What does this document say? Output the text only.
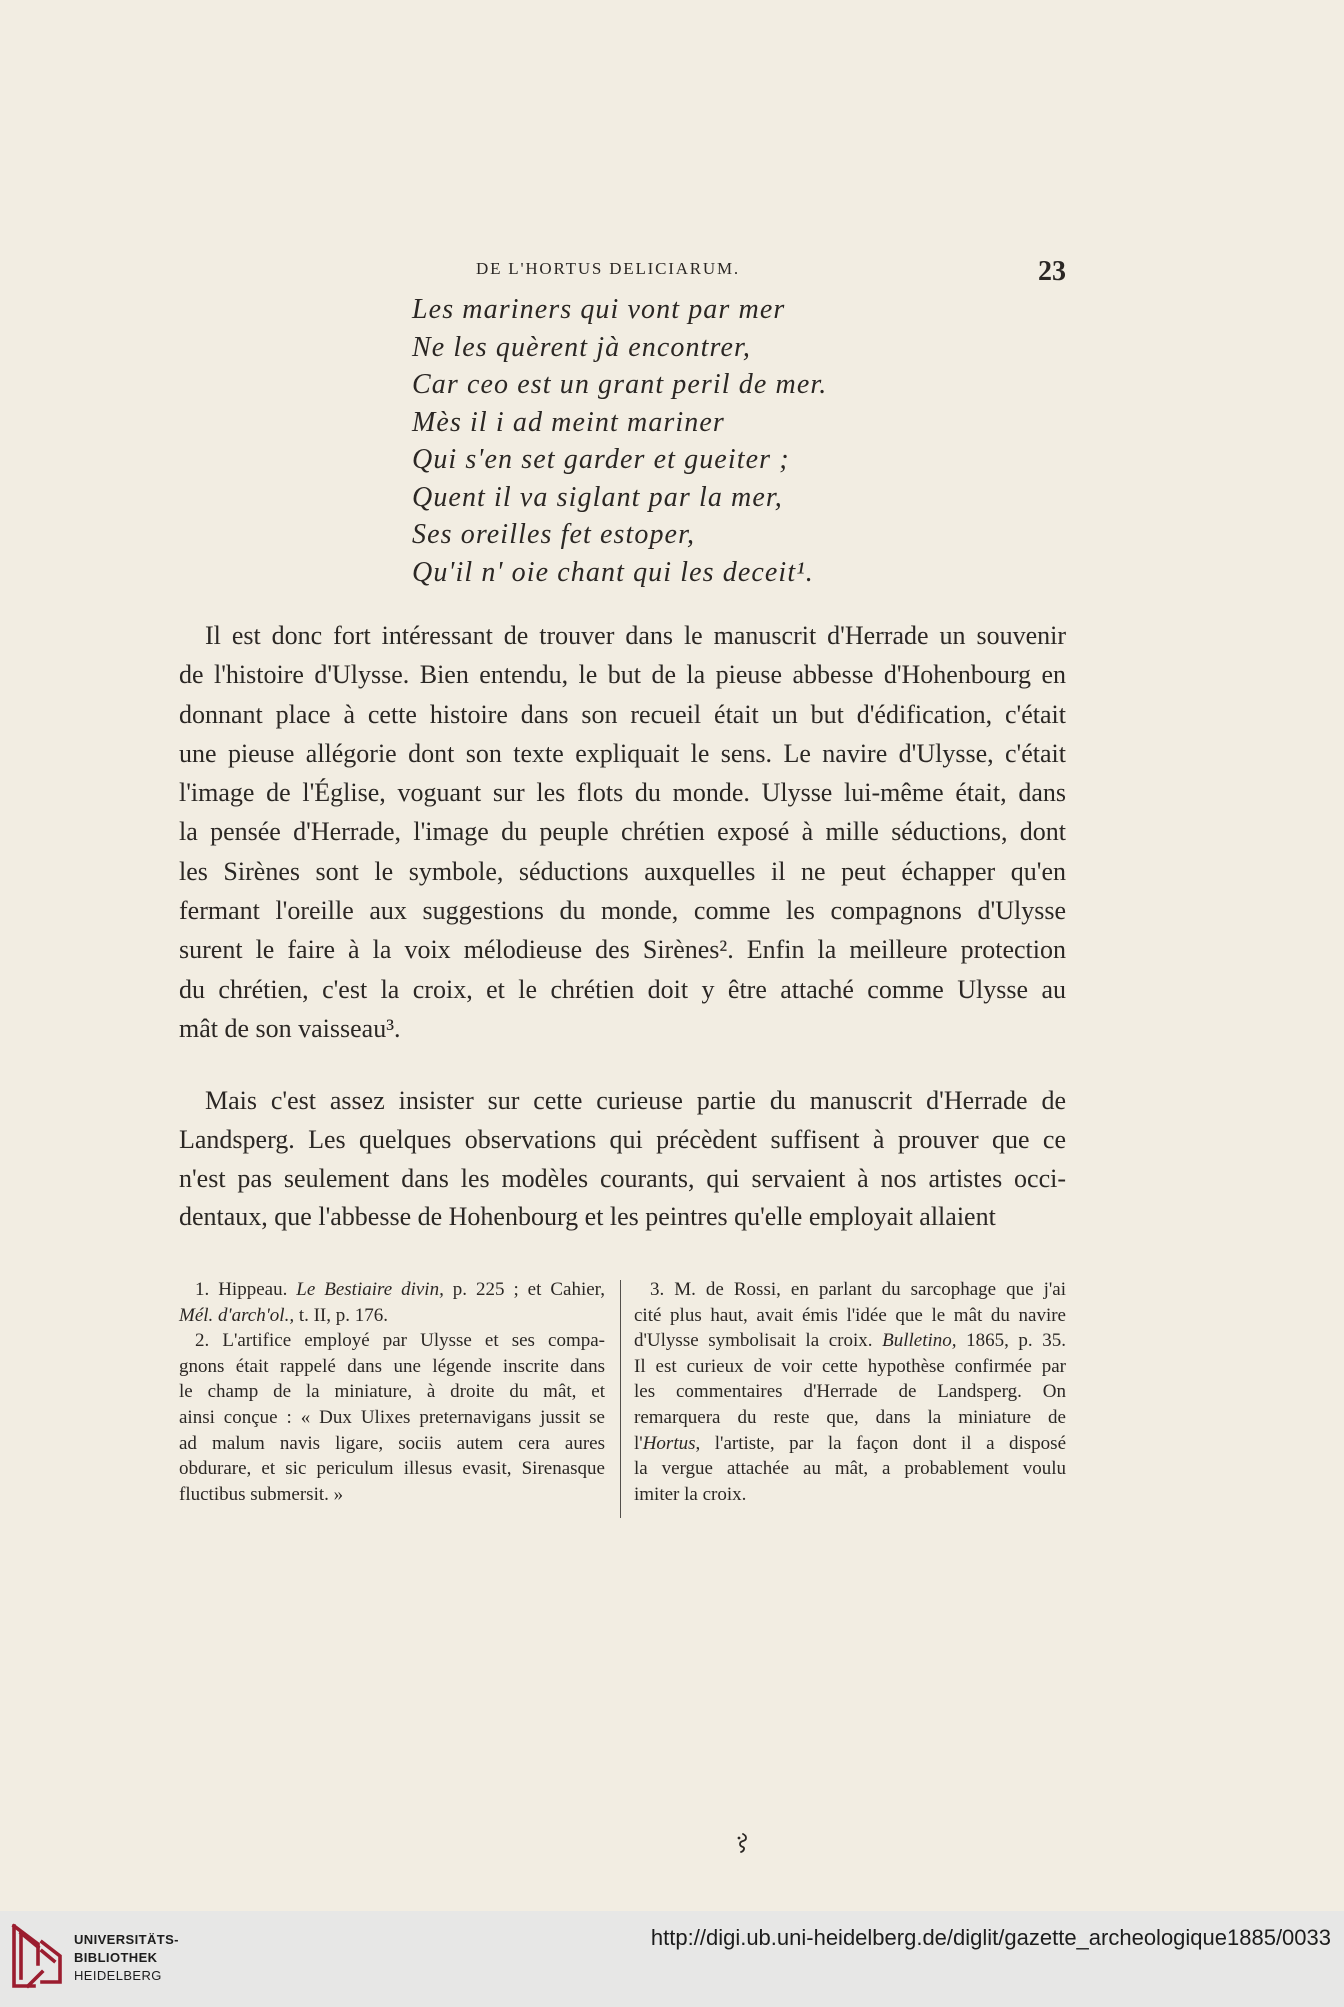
DE L'HORTUS DELICIARUM.	23
Les mariners qui vont par mer
Ne les quèrent jà encontrer,
Car ceo est un grant peril de mer.
Mès il i ad meint mariner
Qui s'en set garder et gueiter ;
Quent il va siglant par la mer,
Ses oreilles fet estoper,
Qu'il n' oie chant qui les deceit¹.
Il est donc fort intéressant de trouver dans le manuscrit d'Herrade un souvenir
de l'histoire d'Ulysse. Bien entendu, le but de la pieuse abbesse d'Hohenbourg en
donnant place à cette histoire dans son recueil était un but d'édification, c'était
une pieuse allégorie dont son texte expliquait le sens. Le navire d'Ulysse, c'était
l'image de l'Église, voguant sur les flots du monde. Ulysse lui-même était, dans
la pensée d'Herrade, l'image du peuple chrétien exposé à mille séductions, dont
les Sirènes sont le symbole, séductions auxquelles il ne peut échapper qu'en
fermant l'oreille aux suggestions du monde, comme les compagnons d'Ulysse
surent le faire à la voix mélodieuse des Sirènes². Enfin la meilleure protection
du chrétien, c'est la croix, et le chrétien doit y être attaché comme Ulysse au
mât de son vaisseau³.
Mais c'est assez insister sur cette curieuse partie du manuscrit d'Herrade de
Landsperg. Les quelques observations qui précèdent suffisent à prouver que ce
n'est pas seulement dans les modèles courants, qui servaient à nos artistes occi-
dentaux, que l'abbesse de Hohenbourg et les peintres qu'elle employait allaient
1. Hippeau. Le Bestiaire divin, p. 225 ; et Cahier,
Mél. d'arch'ol., t. II, p. 176.
2. L'artifice employé par Ulysse et ses compa-
gnons était rappelé dans une légende inscrite dans
le champ de la miniature, à droite du mât, et
ainsi conçue : « Dux Ulixes preternavigans jussit se
ad malum navis ligare, sociis autem cera aures
obdurare, et sic periculum illesus evasit, Sirenasque
fluctibus submersit. »
3. M. de Rossi, en parlant du sarcophage que j'ai
cité plus haut, avait émis l'idée que le mât du navire
d'Ulysse symbolisait la croix. Bulletino, 1865, p. 35.
Il est curieux de voir cette hypothèse confirmée par
les commentaires d'Herrade de Landsperg. On
remarquera du reste que, dans la miniature de
l'Hortus, l'artiste, par la façon dont il a disposé
la vergue attachée au mât, a probablement voulu
imiter la croix.
UNIVERSITÄTS-
BIBLIOTHEK
HEIDELBERG
http://digi.ub.uni-heidelberg.de/diglit/gazette_archeologique1885/0033
